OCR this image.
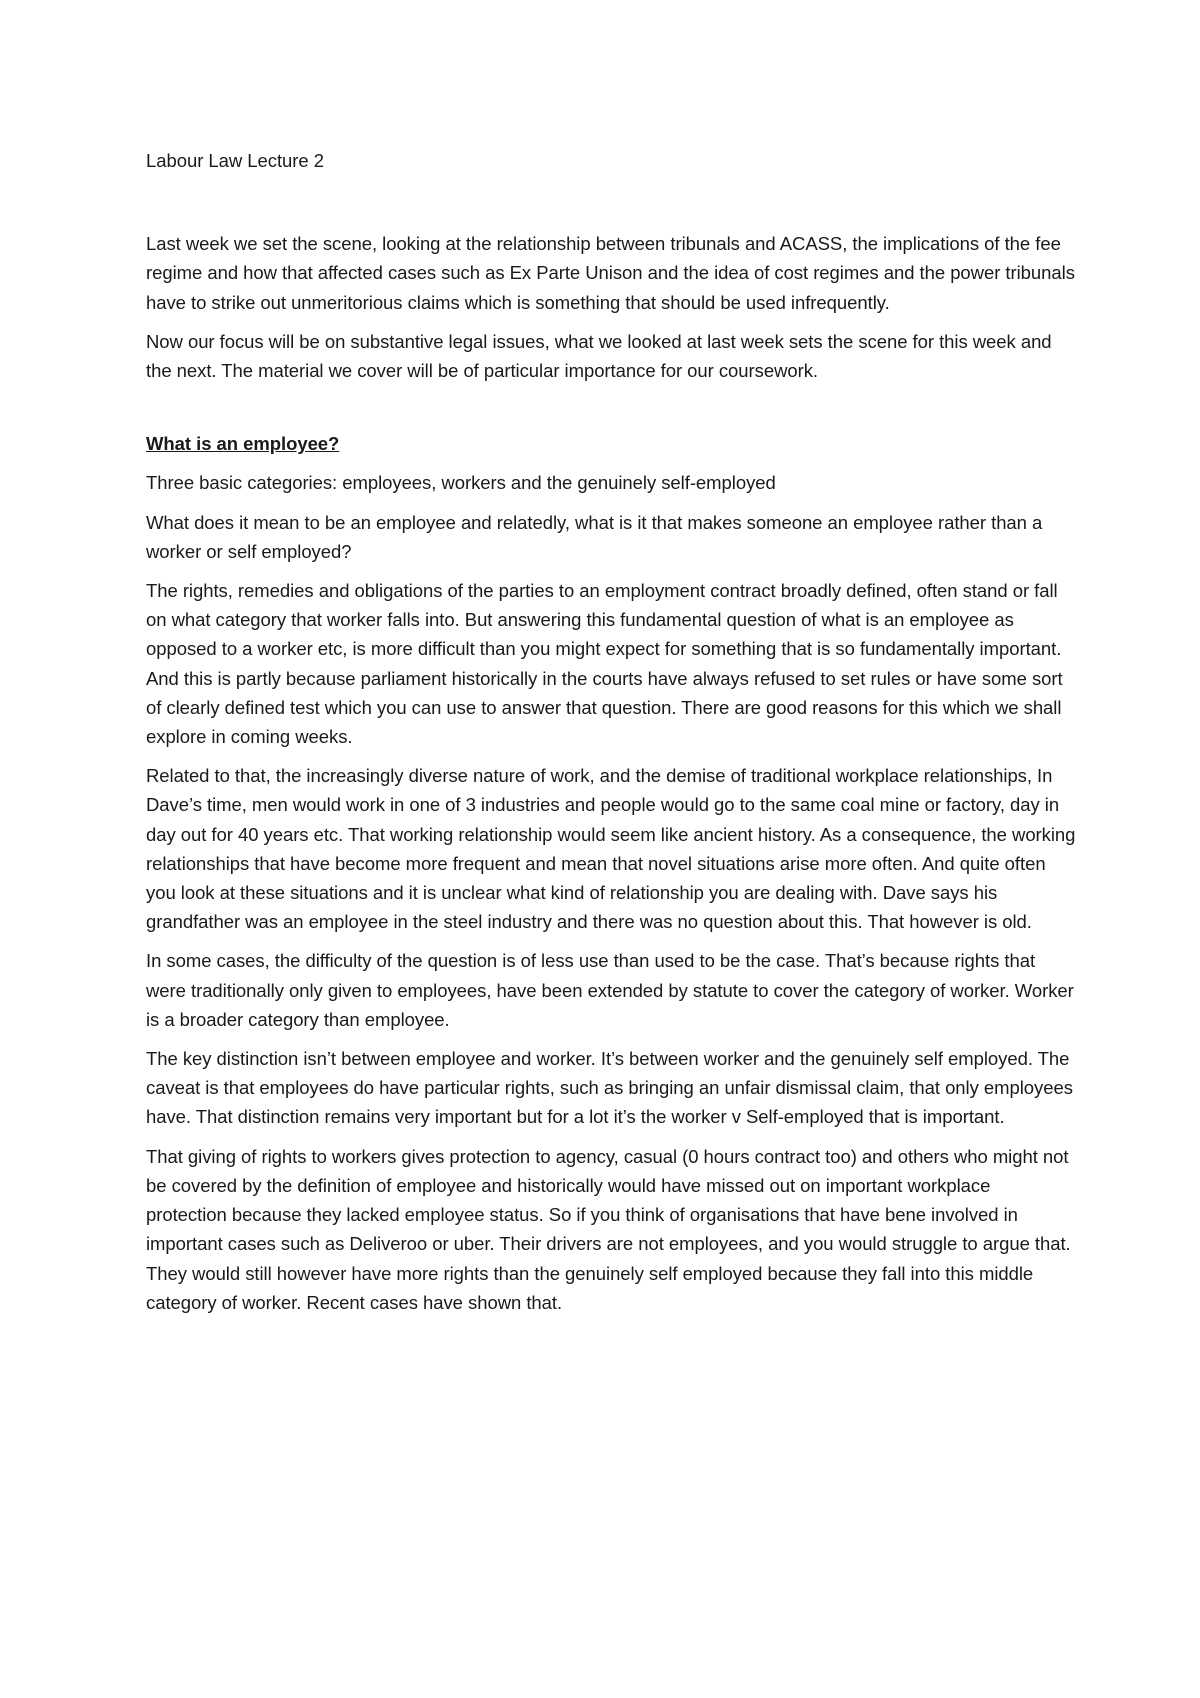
Labour Law Lecture 2

Last week we set the scene, looking at the relationship between tribunals and ACASS, the implications of the fee regime and how that affected cases such as Ex Parte Unison and the idea of cost regimes and the power tribunals have to strike out unmeritorious claims which is something that should be used infrequently.

Now our focus will be on substantive legal issues, what we looked at last week sets the scene for this week and the next. The material we cover will be of particular importance for our coursework.

What is an employee?

Three basic categories: employees, workers and the genuinely self-employed

What does it mean to be an employee and relatedly, what is it that makes someone an employee rather than a worker or self employed?

The rights, remedies and obligations of the parties to an employment contract broadly defined, often stand or fall on what category that worker falls into. But answering this fundamental question of what is an employee as opposed to a worker etc, is more difficult than you might expect for something that is so fundamentally important. And this is partly because parliament historically in the courts have always refused to set rules or have some sort of clearly defined test which you can use to answer that question. There are good reasons for this which we shall explore in coming weeks.

Related to that, the increasingly diverse nature of work, and the demise of traditional workplace relationships, In Dave’s time, men would work in one of 3 industries and people would go to the same coal mine or factory, day in day out for 40 years etc. That working relationship would seem like ancient history. As a consequence, the working relationships that have become more frequent and mean that novel situations arise more often. And quite often you look at these situations and it is unclear what kind of relationship you are dealing with. Dave says his grandfather was an employee in the steel industry and there was no question about this. That however is old.

In some cases, the difficulty of the question is of less use than used to be the case. That’s because rights that were traditionally only given to employees, have been extended by statute to cover the category of worker. Worker is a broader category than employee.

The key distinction isn’t between employee and worker. It’s between worker and the genuinely self employed. The caveat is that employees do have particular rights, such as bringing an unfair dismissal claim, that only employees have. That distinction remains very important but for a lot it’s the worker v Self-employed that is important.

That giving of rights to workers gives protection to agency, casual (0 hours contract too) and others who might not be covered by the definition of employee and historically would have missed out on important workplace protection because they lacked employee status. So if you think of organisations that have bene involved in important cases such as Deliveroo or uber. Their drivers are not employees, and you would struggle to argue that. They would still however have more rights than the genuinely self employed because they fall into this middle category of worker. Recent cases have shown that.
